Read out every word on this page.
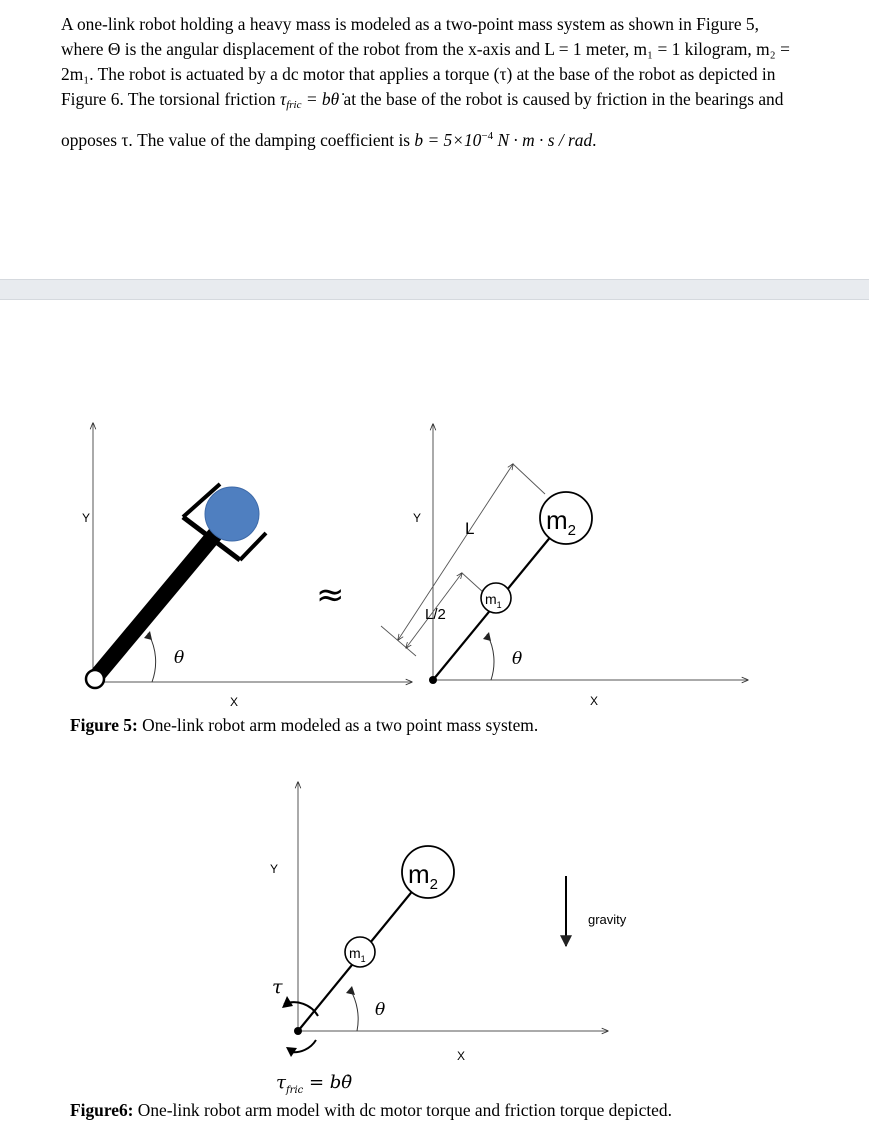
A one-link robot holding a heavy mass is modeled as a two-point mass system as shown in Figure 5,
where Θ is the angular displacement of the robot from the x-axis and L = 1 meter, m₁ = 1 kilogram, m₂ =
2m₁. The robot is actuated by a dc motor that applies a torque (τ) at the base of the robot as depicted in
Figure 6. The torsional friction $\tau_{fric}$ = bθ̇ at the base of the robot is caused by friction in the bearings and
opposes τ. The value of the damping coefficient is $b = 5\times 10^{-4}$ N · m · s / rad.
Y
X
θ
≈
L
L/2
$m_1$
$m_2$
Y
X
θ
$m_1$
$m_2$
θ
τ
Y
X
gravity
$\tau_{fric}$ = bθ̇
Figure 5: One-link robot arm modeled as a two point mass system.
Figure6: One-link robot arm model with dc motor torque and friction torque depicted.
